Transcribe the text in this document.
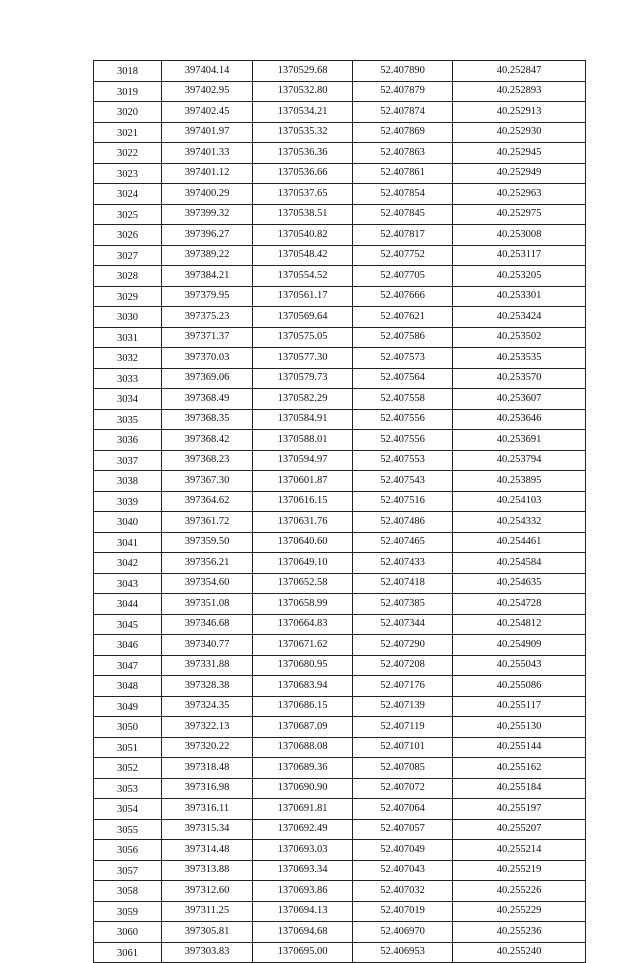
3018	397404.14	1370529.68	52.407890	40.252847
3019	397402.95	1370532.80	52.407879	40.252893
3020	397402.45	1370534.21	52.407874	40.252913
3021	397401.97	1370535.32	52.407869	40.252930
3022	397401.33	1370536.36	52.407863	40.252945
3023	397401.12	1370536.66	52.407861	40.252949
3024	397400.29	1370537.65	52.407854	40.252963
3025	397399.32	1370538.51	52.407845	40.252975
3026	397396.27	1370540.82	52.407817	40.253008
3027	397389.22	1370548.42	52.407752	40.253117
3028	397384.21	1370554.52	52.407705	40.253205
3029	397379.95	1370561.17	52.407666	40.253301
3030	397375.23	1370569.64	52.407621	40.253424
3031	397371.37	1370575.05	52.407586	40.253502
3032	397370.03	1370577.30	52.407573	40.253535
3033	397369.06	1370579.73	52.407564	40.253570
3034	397368.49	1370582.29	52.407558	40.253607
3035	397368.35	1370584.91	52.407556	40.253646
3036	397368.42	1370588.01	52.407556	40.253691
3037	397368.23	1370594.97	52.407553	40.253794
3038	397367.30	1370601.87	52.407543	40.253895
3039	397364.62	1370616.15	52.407516	40.254103
3040	397361.72	1370631.76	52.407486	40.254332
3041	397359.50	1370640.60	52.407465	40.254461
3042	397356.21	1370649.10	52.407433	40.254584
3043	397354.60	1370652.58	52.407418	40.254635
3044	397351.08	1370658.99	52.407385	40.254728
3045	397346.68	1370664.83	52.407344	40.254812
3046	397340.77	1370671.62	52.407290	40.254909
3047	397331.88	1370680.95	52.407208	40.255043
3048	397328.38	1370683.94	52.407176	40.255086
3049	397324.35	1370686.15	52.407139	40.255117
3050	397322.13	1370687.09	52.407119	40.255130
3051	397320.22	1370688.08	52.407101	40.255144
3052	397318.48	1370689.36	52.407085	40.255162
3053	397316.98	1370690.90	52.407072	40.255184
3054	397316.11	1370691.81	52.407064	40.255197
3055	397315.34	1370692.49	52.407057	40.255207
3056	397314.48	1370693.03	52.407049	40.255214
3057	397313.88	1370693.34	52.407043	40.255219
3058	397312.60	1370693.86	52.407032	40.255226
3059	397311.25	1370694.13	52.407019	40.255229
3060	397305.81	1370694.68	52.406970	40.255236
3061	397303.83	1370695.00	52.406953	40.255240
